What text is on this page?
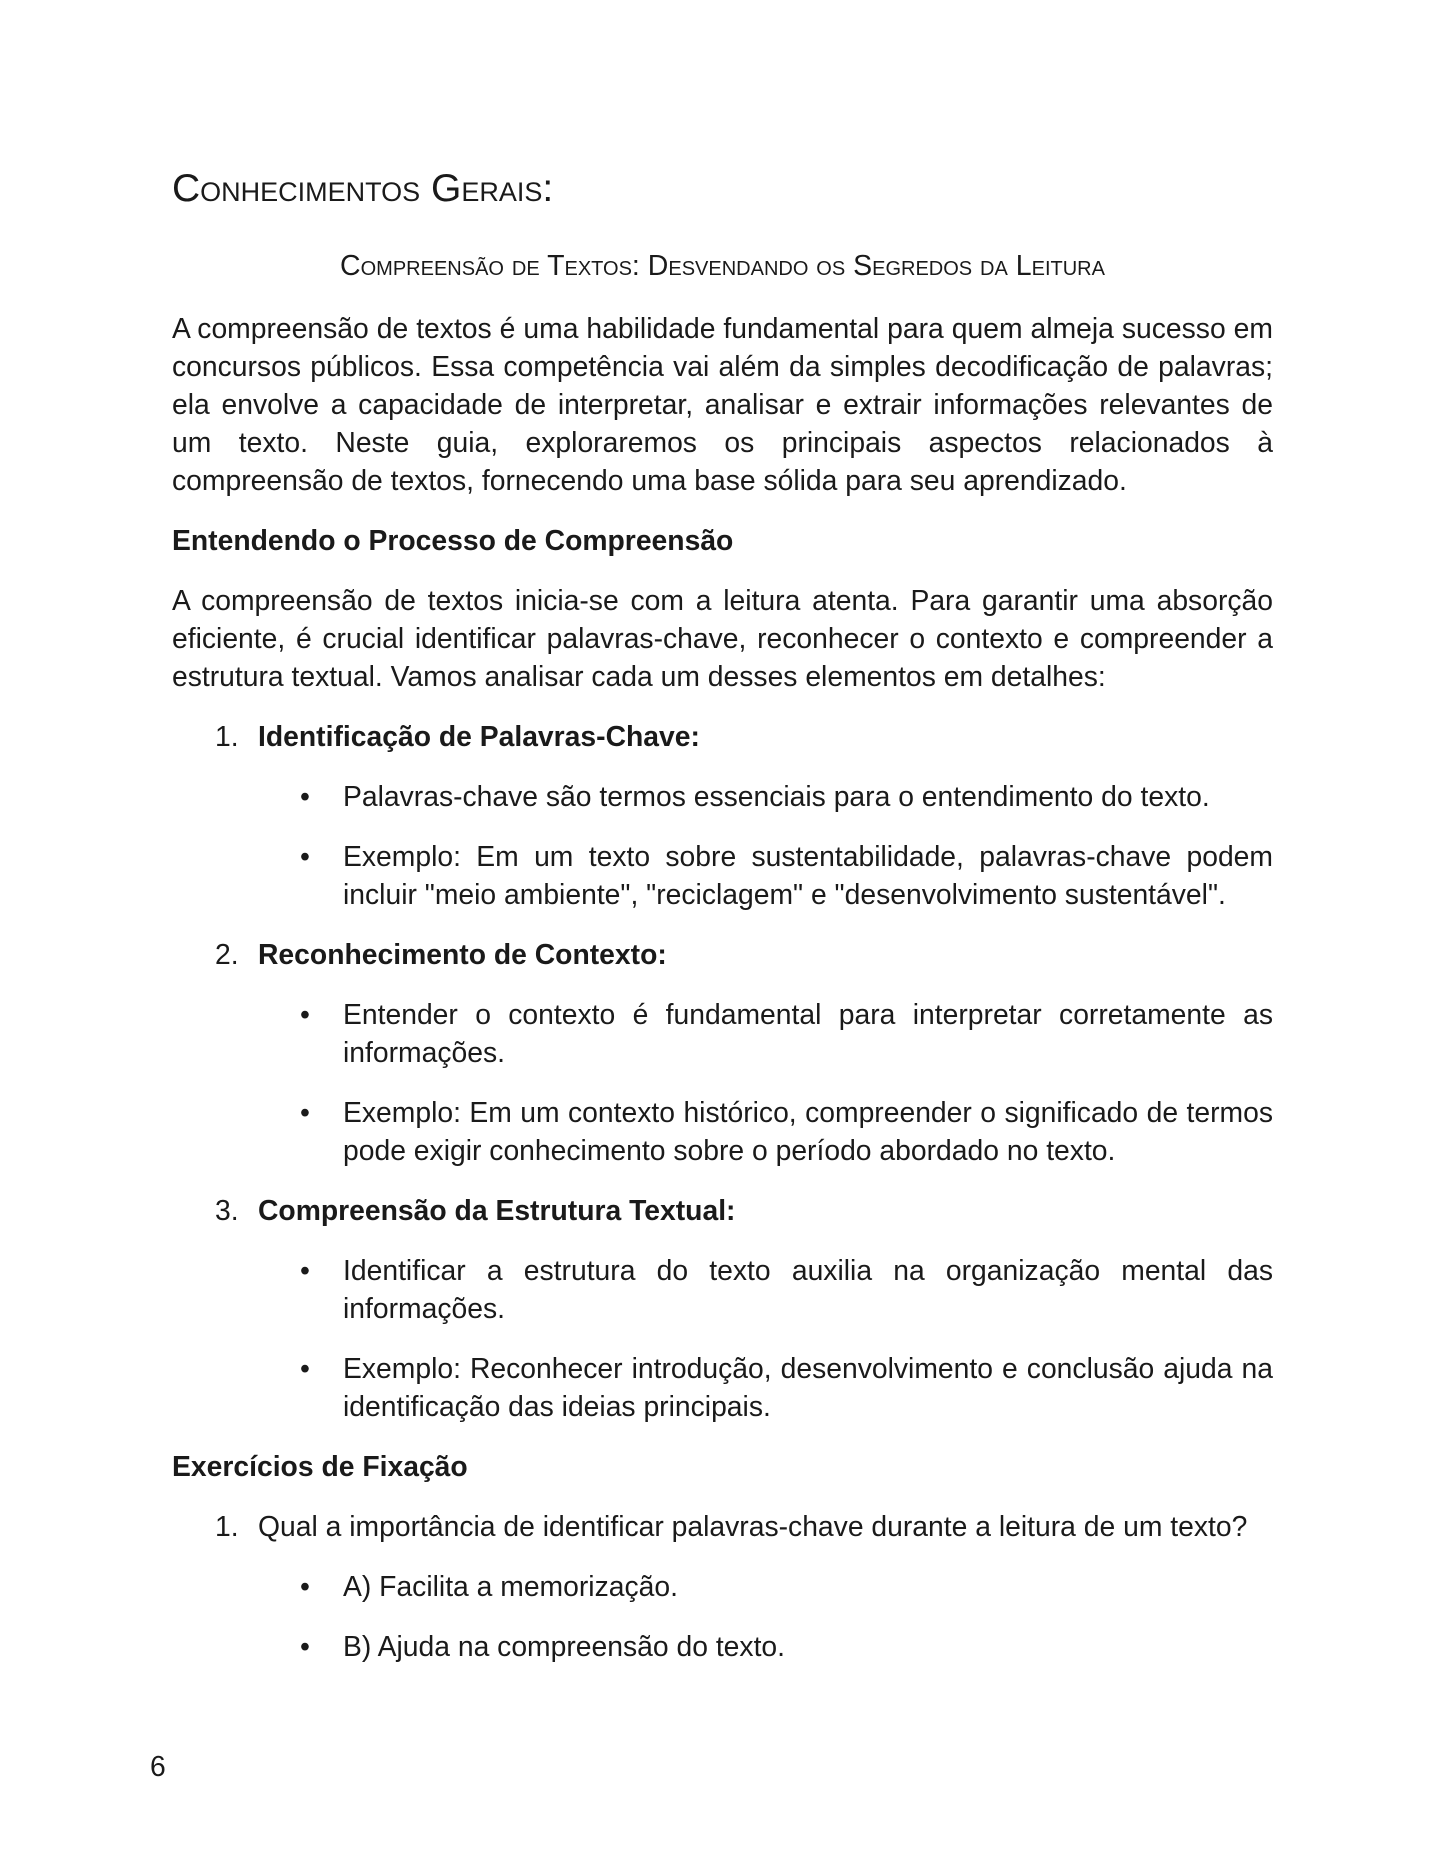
Conhecimentos Gerais:
Compreensão de Textos: Desvendando os Segredos da Leitura

A compreensão de textos é uma habilidade fundamental para quem almeja sucesso em concursos públicos. Essa competência vai além da simples decodificação de palavras; ela envolve a capacidade de interpretar, analisar e extrair informações relevantes de um texto. Neste guia, exploraremos os principais aspectos relacionados à compreensão de textos, fornecendo uma base sólida para seu aprendizado.

Entendendo o Processo de Compreensão

A compreensão de textos inicia-se com a leitura atenta. Para garantir uma absorção eficiente, é crucial identificar palavras-chave, reconhecer o contexto e compreender a estrutura textual. Vamos analisar cada um desses elementos em detalhes:

1. Identificação de Palavras-Chave:
•	Palavras-chave são termos essenciais para o entendimento do texto.

•	Exemplo: Em um texto sobre sustentabilidade, palavras-chave podem incluir "meio ambiente", "reciclagem" e "desenvolvimento sustentável".

2. Reconhecimento de Contexto:
•	Entender o contexto é fundamental para interpretar corretamente as informações.

•	Exemplo: Em um contexto histórico, compreender o significado de termos pode exigir conhecimento sobre o período abordado no texto.

3. Compreensão da Estrutura Textual:
•	Identificar a estrutura do texto auxilia na organização mental das informações.

•	Exemplo: Reconhecer introdução, desenvolvimento e conclusão ajuda na identificação das ideias principais.

Exercícios de Fixação
1. Qual a importância de identificar palavras-chave durante a leitura de um texto?
•	A) Facilita a memorização.

•	B) Ajuda na compreensão do texto.

6
